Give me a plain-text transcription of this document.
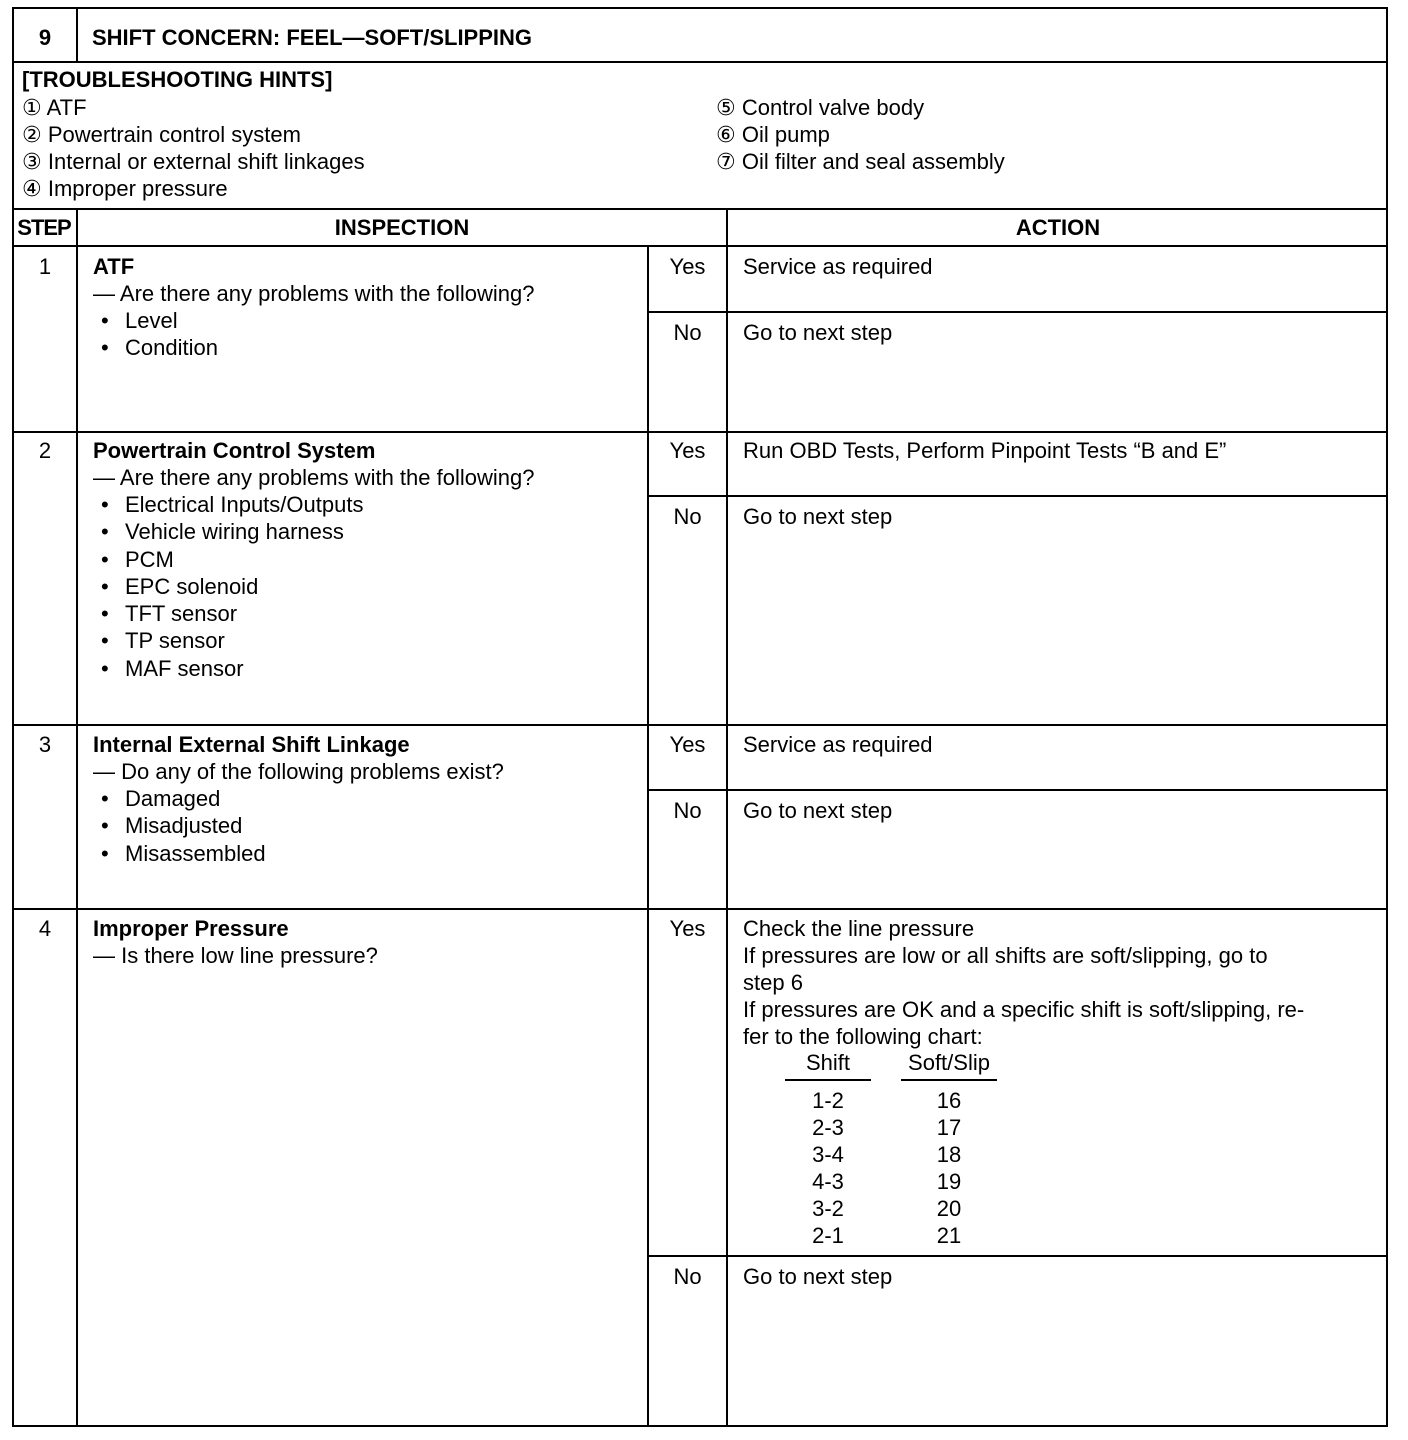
9	SHIFT CONCERN: FEEL—SOFT/SLIPPING
[TROUBLESHOOTING HINTS]
① ATF
② Powertrain control system
③ Internal or external shift linkages
④ Improper pressure
⑤ Control valve body
⑥ Oil pump
⑦ Oil filter and seal assembly
STEP	INSPECTION	ACTION
1	ATF
— Are there any problems with the following?
• Level
• Condition
Yes	Service as required
No	Go to next step
2	Powertrain Control System
— Are there any problems with the following?
• Electrical Inputs/Outputs
• Vehicle wiring harness
• PCM
• EPC solenoid
• TFT sensor
• TP sensor
• MAF sensor
Yes	Run OBD Tests, Perform Pinpoint Tests “B and E”
No	Go to next step
3	Internal External Shift Linkage
— Do any of the following problems exist?
• Damaged
• Misadjusted
• Misassembled
Yes	Service as required
No	Go to next step
4	Improper Pressure
— Is there low line pressure?
Yes	Check the line pressure
If pressures are low or all shifts are soft/slipping, go to
step 6
If pressures are OK and a specific shift is soft/slipping, re-
fer to the following chart:
Shift		Soft/Slip
1-2		16
2-3		17
3-4		18
4-3		19
3-2		20
2-1		21
No	Go to next step
